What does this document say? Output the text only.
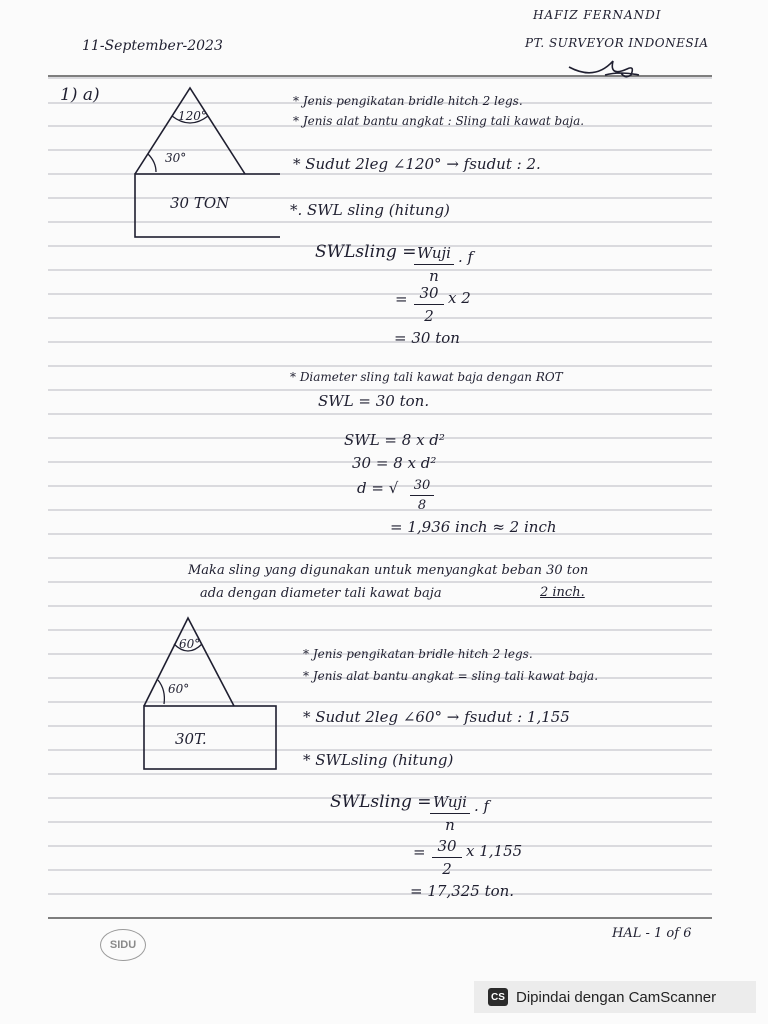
HAFIZ FERNANDI
PT. SURVEYOR INDONESIA
11-September-2023
1) a)
120°
30°
30 TON
* Jenis pengikatan bridle hitch 2 legs.
* Jenis alat bantu angkat : Sling tali kawat baja.
* Sudut 2leg ∠120° → fsudut : 2.
*. SWL sling (hitung)
SWLsling = Wuji
n
. f
= 30
2
x 2
= 30 ton
* Diameter sling tali kawat baja dengan ROT
SWL = 30 ton.
SWL = 8 x d²
30 = 8 x d²
d = √ 30
8
= 1,936 inch ≈ 2 inch
Maka sling yang digunakan untuk menyangkat beban 30 ton
ada dengan diameter tali kawat baja	2 inch.
60°
60°
30T.
* Jenis pengikatan bridle hitch 2 legs.
* Jenis alat bantu angkat = sling tali kawat baja.
* Sudut 2leg ∠60° → fsudut : 1,155
* SWLsling (hitung)
SWLsling = Wuji
n
. f
= 30
2
x 1,155
= 17,325 ton.
SIDU
HAL - 1 of 6
CS Dipindai dengan CamScanner
